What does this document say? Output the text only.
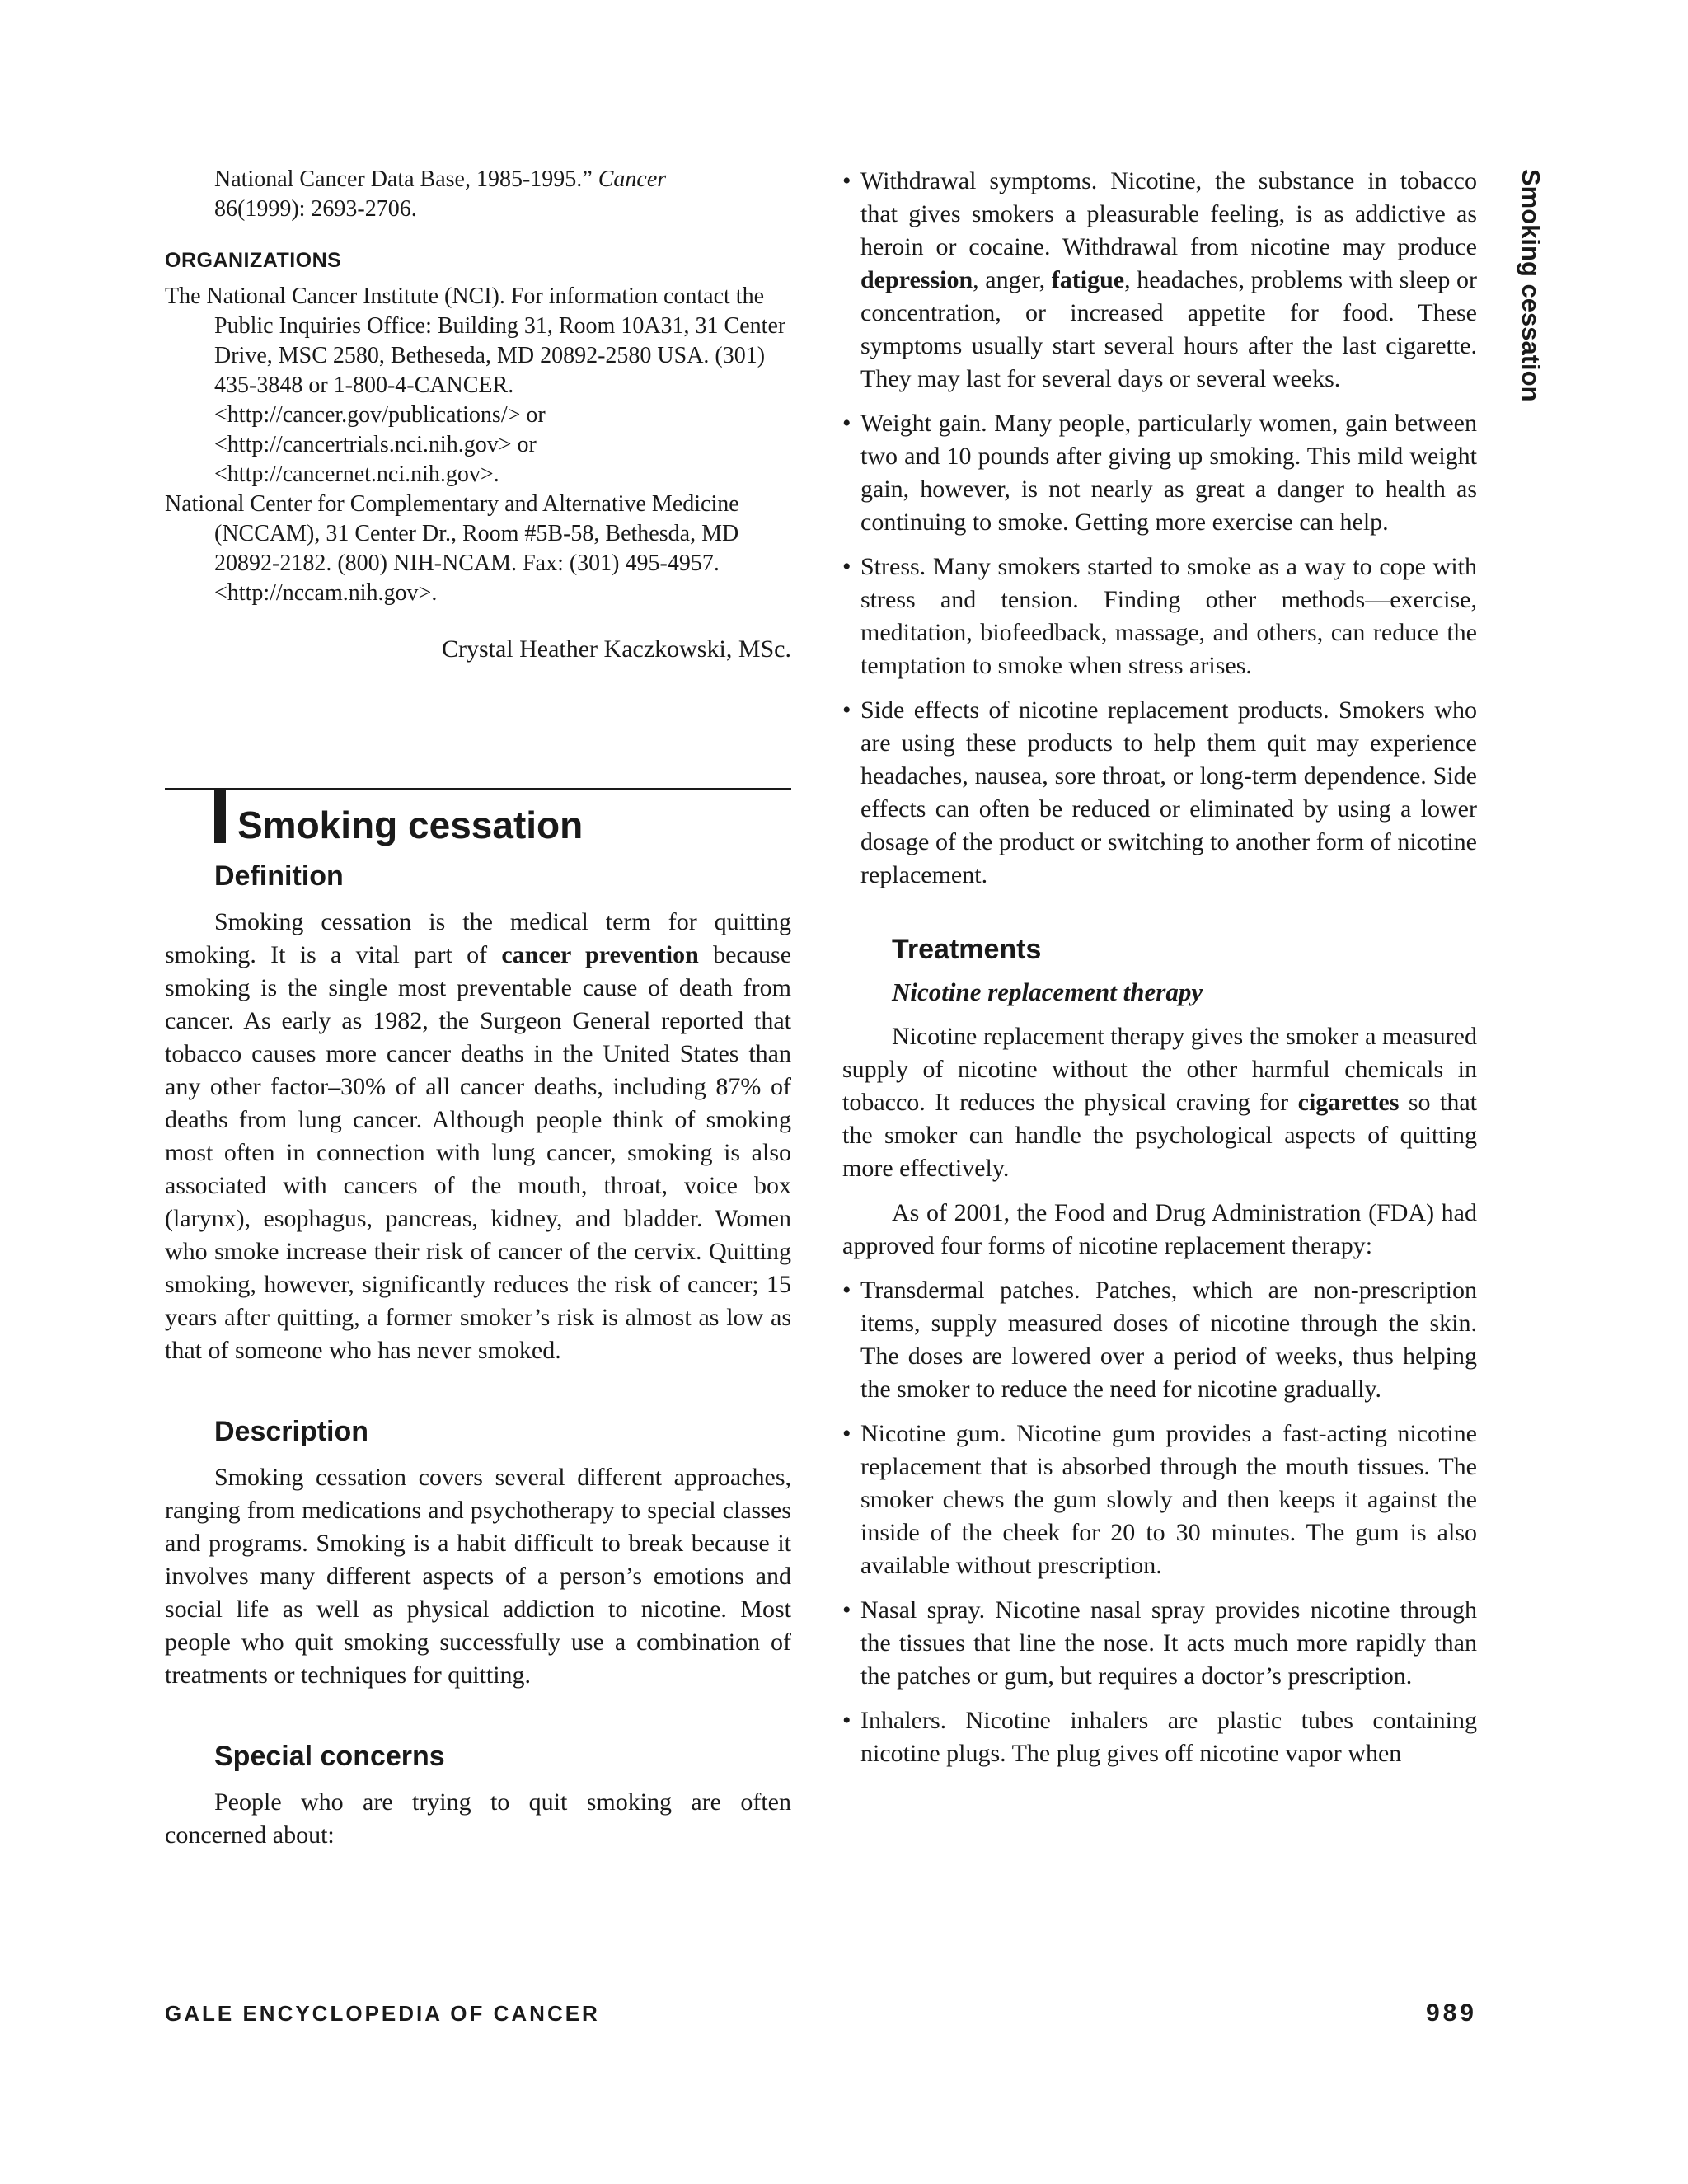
Smoking cessation

National Cancer Data Base, 1985-1995.” Cancer

86(1999): 2693-2706.

ORGANIZATIONS

The National Cancer Institute (NCI). For information contact the Public Inquiries Office: Building 31, Room 10A31, 31 Center Drive, MSC 2580, Betheseda, MD 20892-2580 USA. (301) 435-3848 or 1-800-4-CANCER. <http://cancer.gov/publications/> or <http://cancertrials.nci.nih.gov> or <http://cancernet.nci.nih.gov>.

National Center for Complementary and Alternative Medicine (NCCAM), 31 Center Dr., Room #5B-58, Bethesda, MD 20892-2182. (800) NIH-NCAM. Fax: (301) 495-4957. <http://nccam.nih.gov>.

Crystal Heather Kaczkowski, MSc.

Smoking cessation
Definition

Smoking cessation is the medical term for quitting smoking. It is a vital part of cancer prevention because smoking is the single most preventable cause of death from cancer. As early as 1982, the Surgeon General reported that tobacco causes more cancer deaths in the United States than any other factor–30% of all cancer deaths, including 87% of deaths from lung cancer. Although people think of smoking most often in connection with lung cancer, smoking is also associated with cancers of the mouth, throat, voice box (larynx), esophagus, pancreas, kidney, and bladder. Women who smoke increase their risk of cancer of the cervix. Quitting smoking, however, significantly reduces the risk of cancer; 15 years after quitting, a former smoker’s risk is almost as low as that of someone who has never smoked.

Description

Smoking cessation covers several different approaches, ranging from medications and psychotherapy to special classes and programs. Smoking is a habit difficult to break because it involves many different aspects of a person’s emotions and social life as well as physical addiction to nicotine. Most people who quit smoking successfully use a combination of treatments or techniques for quitting.

Special concerns

People who are trying to quit smoking are often concerned about:

• Withdrawal symptoms. Nicotine, the substance in tobacco that gives smokers a pleasurable feeling, is as addictive as heroin or cocaine. Withdrawal from nicotine may produce depression, anger, fatigue, headaches, problems with sleep or concentration, or increased appetite for food. These symptoms usually start several hours after the last cigarette. They may last for several days or several weeks.
• Weight gain. Many people, particularly women, gain between two and 10 pounds after giving up smoking. This mild weight gain, however, is not nearly as great a danger to health as continuing to smoke. Getting more exercise can help.
• Stress. Many smokers started to smoke as a way to cope with stress and tension. Finding other methods—exercise, meditation, biofeedback, massage, and others, can reduce the temptation to smoke when stress arises.
• Side effects of nicotine replacement products. Smokers who are using these products to help them quit may experience headaches, nausea, sore throat, or long-term dependence. Side effects can often be reduced or eliminated by using a lower dosage of the product or switching to another form of nicotine replacement.
Treatments
Nicotine replacement therapy

Nicotine replacement therapy gives the smoker a measured supply of nicotine without the other harmful chemicals in tobacco. It reduces the physical craving for cigarettes so that the smoker can handle the psychological aspects of quitting more effectively.

As of 2001, the Food and Drug Administration (FDA) had approved four forms of nicotine replacement therapy:

• Transdermal patches. Patches, which are non-prescription items, supply measured doses of nicotine through the skin. The doses are lowered over a period of weeks, thus helping the smoker to reduce the need for nicotine gradually.
• Nicotine gum. Nicotine gum provides a fast-acting nicotine replacement that is absorbed through the mouth tissues. The smoker chews the gum slowly and then keeps it against the inside of the cheek for 20 to 30 minutes. The gum is also available without prescription.
• Nasal spray. Nicotine nasal spray provides nicotine through the tissues that line the nose. It acts much more rapidly than the patches or gum, but requires a doctor’s prescription.
• Inhalers. Nicotine inhalers are plastic tubes containing nicotine plugs. The plug gives off nicotine vapor when
GALE ENCYCLOPEDIA OF CANCER	989
